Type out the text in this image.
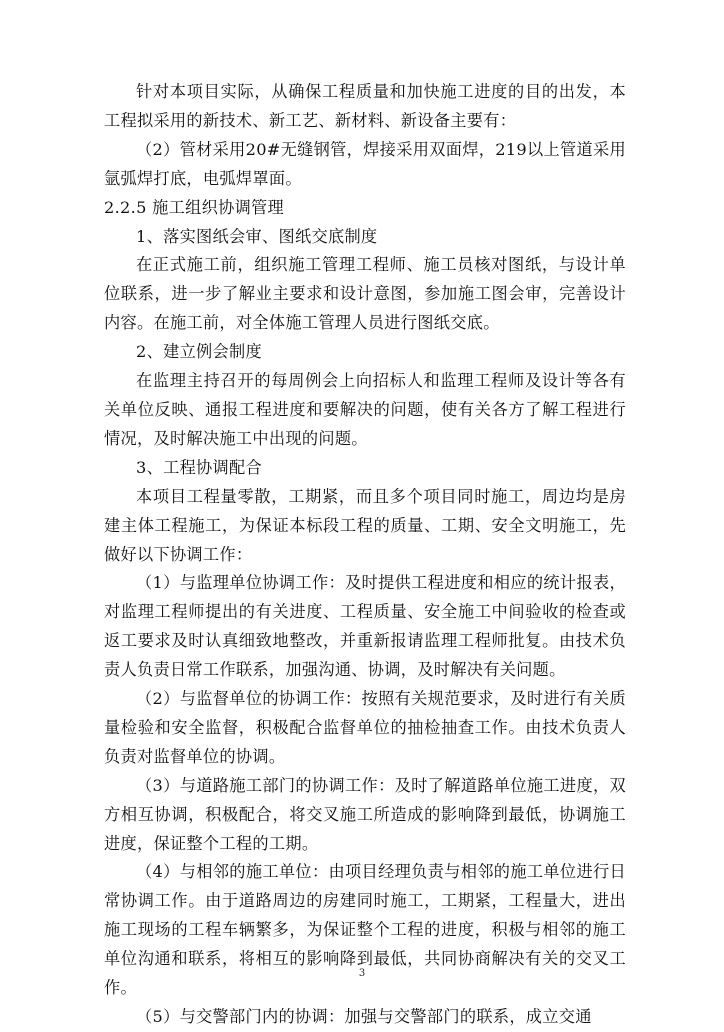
针对本项目实际，从确保工程质量和加快施工进度的目的出发，本工程拟采用的新技术、新工艺、新材料、新设备主要有：

（2）管材采用20#无缝钢管，焊接采用双面焊，219以上管道采用氩弧焊打底，电弧焊罩面。

2.2.5 施工组织协调管理

1、落实图纸会审、图纸交底制度

在正式施工前，组织施工管理工程师、施工员核对图纸，与设计单位联系，进一步了解业主要求和设计意图，参加施工图会审，完善设计内容。在施工前，对全体施工管理人员进行图纸交底。

2、建立例会制度

在监理主持召开的每周例会上向招标人和监理工程师及设计等各有关单位反映、通报工程进度和要解决的问题，使有关各方了解工程进行情况，及时解决施工中出现的问题。

3、工程协调配合

本项目工程量零散，工期紧，而且多个项目同时施工，周边均是房建主体工程施工，为保证本标段工程的质量、工期、安全文明施工，先做好以下协调工作：

（1）与监理单位协调工作：及时提供工程进度和相应的统计报表，对监理工程师提出的有关进度、工程质量、安全施工中间验收的检查或返工要求及时认真细致地整改，并重新报请监理工程师批复。由技术负责人负责日常工作联系，加强沟通、协调，及时解决有关问题。

（2）与监督单位的协调工作：按照有关规范要求，及时进行有关质量检验和安全监督，积极配合监督单位的抽检抽查工作。由技术负责人负责对监督单位的协调。

（3）与道路施工部门的协调工作：及时了解道路单位施工进度，双方相互协调，积极配合，将交叉施工所造成的影响降到最低，协调施工进度，保证整个工程的工期。

（4）与相邻的施工单位：由项目经理负责与相邻的施工单位进行日常协调工作。由于道路周边的房建同时施工，工期紧，工程量大，进出施工现场的工程车辆繁多，为保证整个工程的进度，积极与相邻的施工单位沟通和联系，将相互的影响降到最低，共同协商解决有关的交叉工作。

（5）与交警部门内的协调：加强与交警部门的联系，成立交通

3
